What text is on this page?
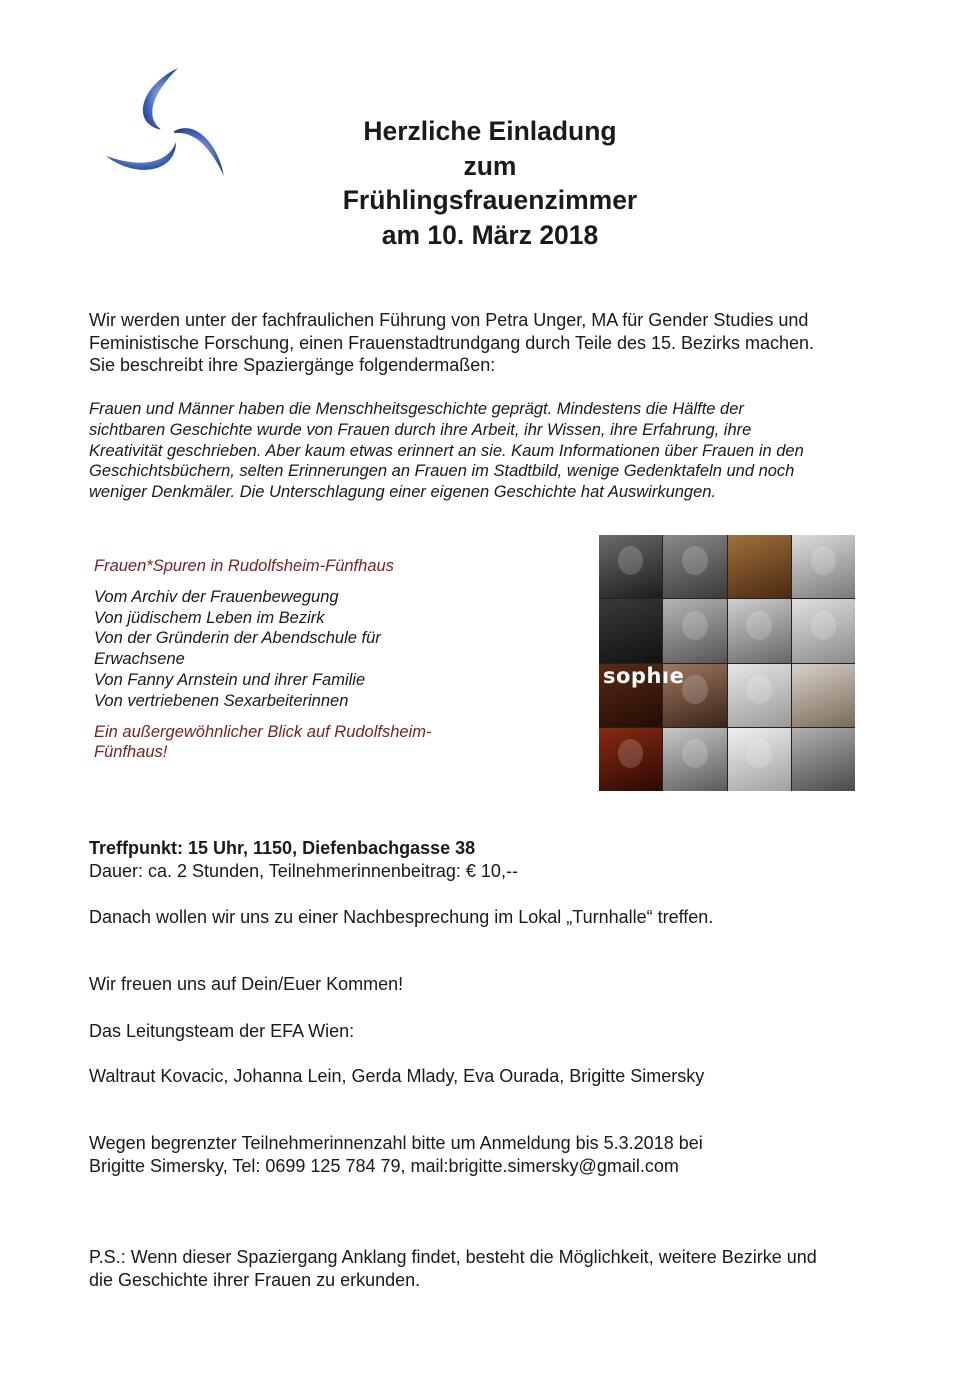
Herzliche Einladung
zum
Frühlingsfrauenzimmer
am 10. März 2018
Wir werden unter der fachfraulichen Führung von Petra Unger, MA für Gender Studies und
Feministische Forschung, einen Frauenstadtrundgang durch Teile des 15. Bezirks machen.
Sie beschreibt ihre Spaziergänge folgendermaßen:
Frauen und Männer haben die Menschheitsgeschichte geprägt. Mindestens die Hälfte der
sichtbaren Geschichte wurde von Frauen durch ihre Arbeit, ihr Wissen, ihre Erfahrung, ihre
Kreativität geschrieben. Aber kaum etwas erinnert an sie. Kaum Informationen über Frauen in den
Geschichtsbüchern, selten Erinnerungen an Frauen im Stadtbild, wenige Gedenktafeln und noch
weniger Denkmäler. Die Unterschlagung einer eigenen Geschichte hat Auswirkungen.
Frauen*Spuren in Rudolfsheim-Fünfhaus
Vom Archiv der Frauenbewegung
Von jüdischem Leben im Bezirk
Von der Gründerin der Abendschule für
Erwachsene
Von Fanny Arnstein und ihrer Familie
Von vertriebenen Sexarbeiterinnen
Ein außergewöhnlicher Blick auf Rudolfsheim-
Fünfhaus!
sophıe
Treffpunkt: 15 Uhr, 1150, Diefenbachgasse 38
Dauer: ca. 2 Stunden, Teilnehmerinnenbeitrag: € 10,--
Danach wollen wir uns zu einer Nachbesprechung im Lokal „Turnhalle“ treffen.
Wir freuen uns auf Dein/Euer Kommen!
Das Leitungsteam der EFA Wien:
Waltraut Kovacic, Johanna Lein, Gerda Mlady, Eva Ourada, Brigitte Simersky
Wegen begrenzter Teilnehmerinnenzahl bitte um Anmeldung bis 5.3.2018 bei
Brigitte Simersky, Tel: 0699 125 784 79, mail:brigitte.simersky@gmail.com
P.S.: Wenn dieser Spaziergang Anklang findet, besteht die Möglichkeit, weitere Bezirke und
die Geschichte ihrer Frauen zu erkunden.
